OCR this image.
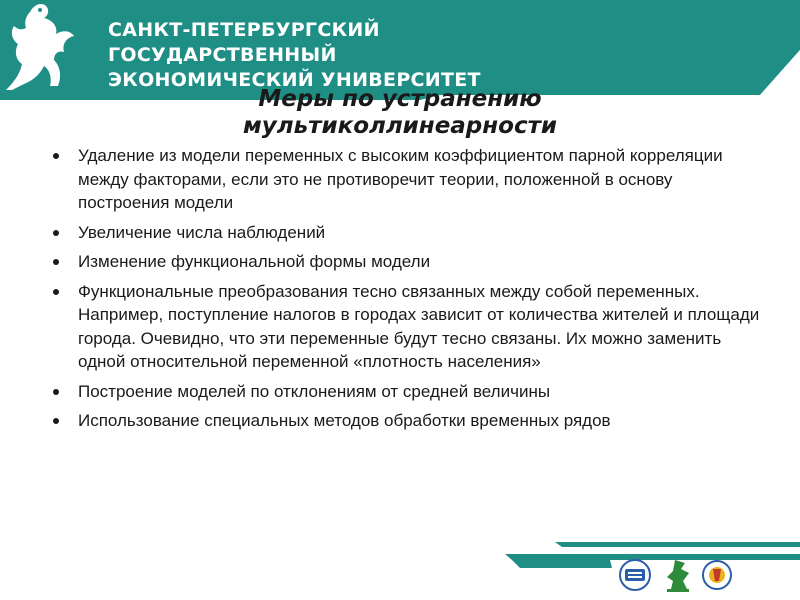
САНКТ-ПЕТЕРБУРГСКИЙ
ГОСУДАРСТВЕННЫЙ
ЭКОНОМИЧЕСКИЙ УНИВЕРСИТЕТ
Меры по устранению
мультиколлинеарности
Удаление из модели переменных с высоким коэффициентом парной корреляции между факторами, если это не противоречит теории, положенной в основу построения модели
Увеличение числа наблюдений
Изменение функциональной формы модели
Функциональные преобразования тесно связанных между собой переменных. Например, поступление налогов в городах зависит от количества жителей и площади города. Очевидно, что эти переменные будут тесно связаны. Их можно заменить одной относительной переменной «плотность населения»
Построение моделей по отклонениям от средней величины
Использование специальных методов обработки временных рядов
